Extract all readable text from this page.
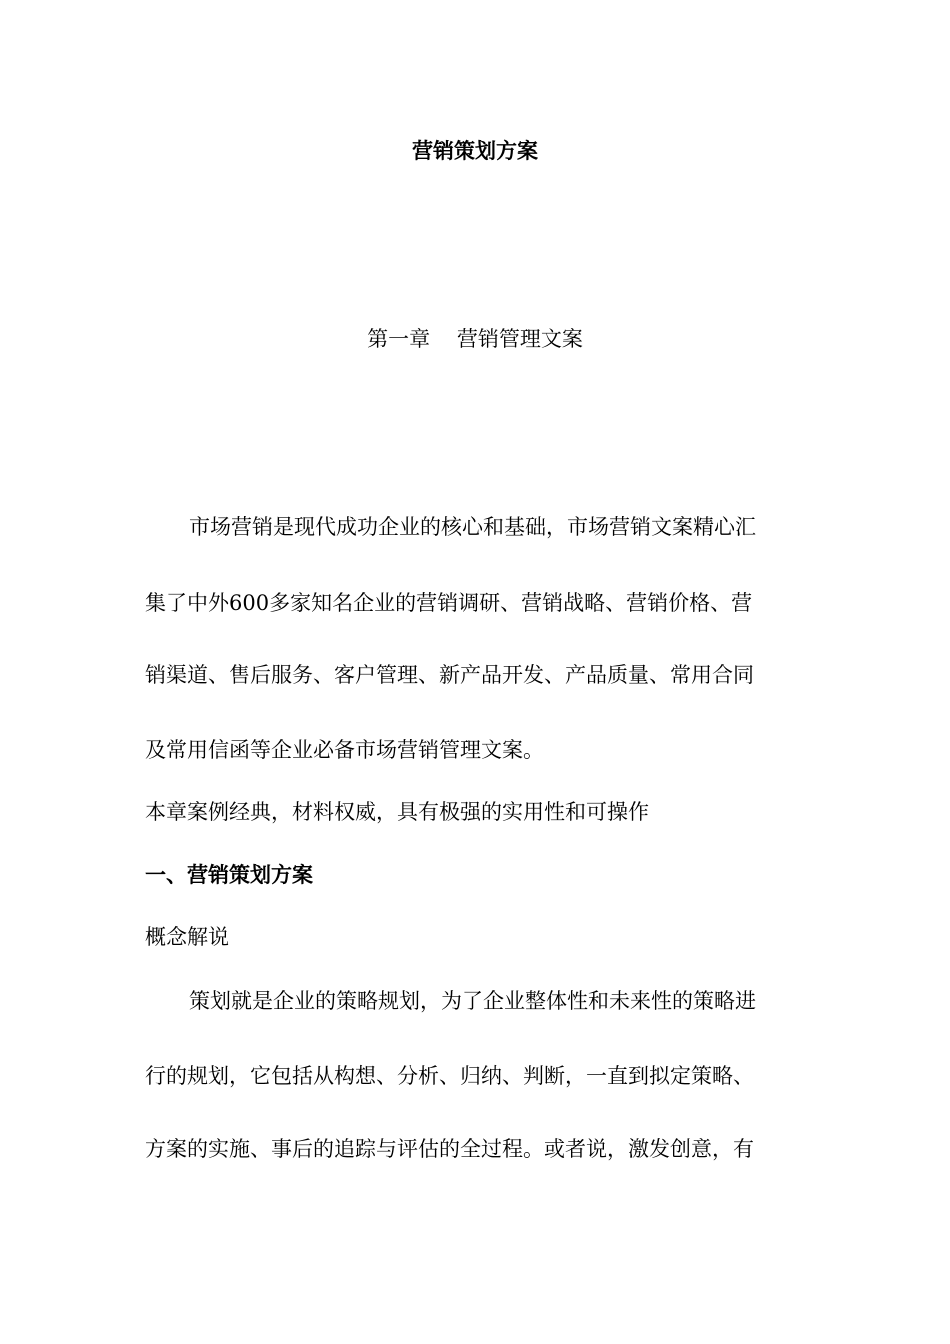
营销策划方案
第一章    营销管理文案
市场营销是现代成功企业的核心和基础，市场营销文案精心汇
集了中外600多家知名企业的营销调研、营销战略、营销价格、营
销渠道、售后服务、客户管理、新产品开发、产品质量、常用合同
及常用信函等企业必备市场营销管理文案。
本章案例经典，材料权威，具有极强的实用性和可操作
一、营销策划方案
概念解说
策划就是企业的策略规划，为了企业整体性和未来性的策略进
行的规划，它包括从构想、分析、归纳、判断，一直到拟定策略、
方案的实施、事后的追踪与评估的全过程。或者说，激发创意，有
